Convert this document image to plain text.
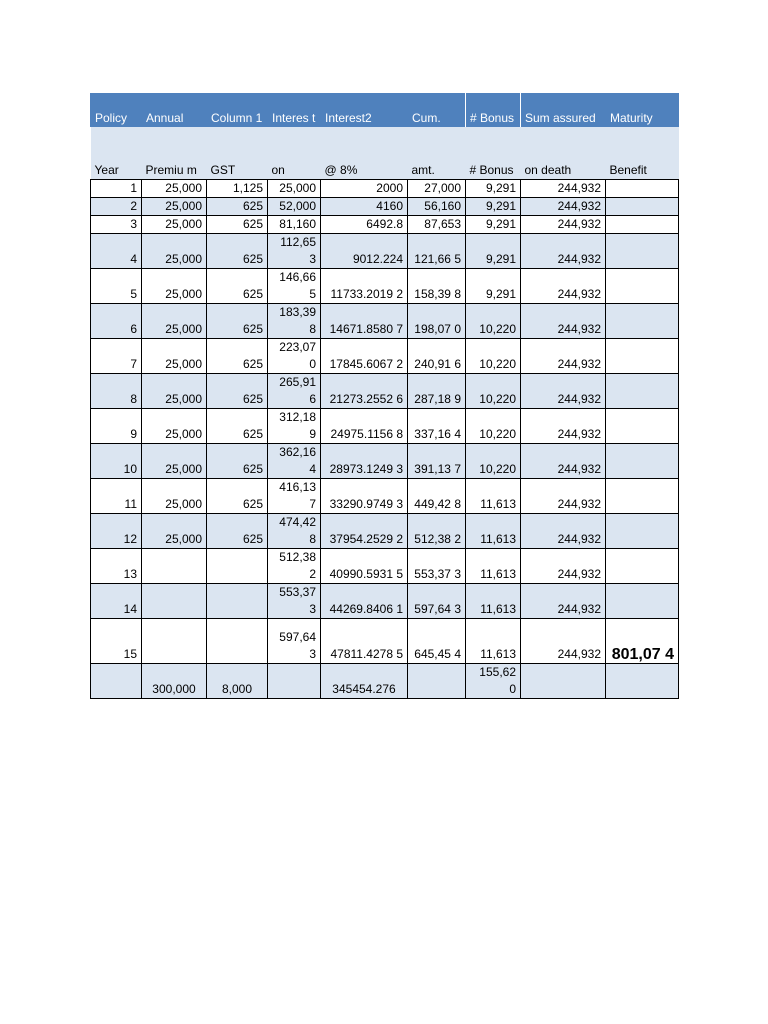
Policy	Annual	Column 1	Interes t	Interest2	Cum.	# Bonus	Sum assured	Maturity
Year	Premiu m	GST	on	@ 8%	amt.	# Bonus	on death	Benefit
1	25,000	1,125	25,000	2000	27,000	9,291	244,932	
2	25,000	625	52,000	4160	56,160	9,291	244,932	
3	25,000	625	81,160	6492.8	87,653	9,291	244,932	
4	25,000	625	112,65 3	9012.224	121,66 5	9,291	244,932	
5	25,000	625	146,66 5	11733.2019 2	158,39 8	9,291	244,932	
6	25,000	625	183,39 8	14671.8580 7	198,07 0	10,220	244,932	
7	25,000	625	223,07 0	17845.6067 2	240,91 6	10,220	244,932	
8	25,000	625	265,91 6	21273.2552 6	287,18 9	10,220	244,932	
9	25,000	625	312,18 9	24975.1156 8	337,16 4	10,220	244,932	
10	25,000	625	362,16 4	28973.1249 3	391,13 7	10,220	244,932	
11	25,000	625	416,13 7	33290.9749 3	449,42 8	11,613	244,932	
12	25,000	625	474,42 8	37954.2529 2	512,38 2	11,613	244,932	
13			512,38 2	40990.5931 5	553,37 3	11,613	244,932	
14			553,37 3	44269.8406 1	597,64 3	11,613	244,932	
15			597,64 3	47811.4278 5	645,45 4	11,613	244,932	801,07 4
	300,000	8,000		345454.276		155,62 0		
